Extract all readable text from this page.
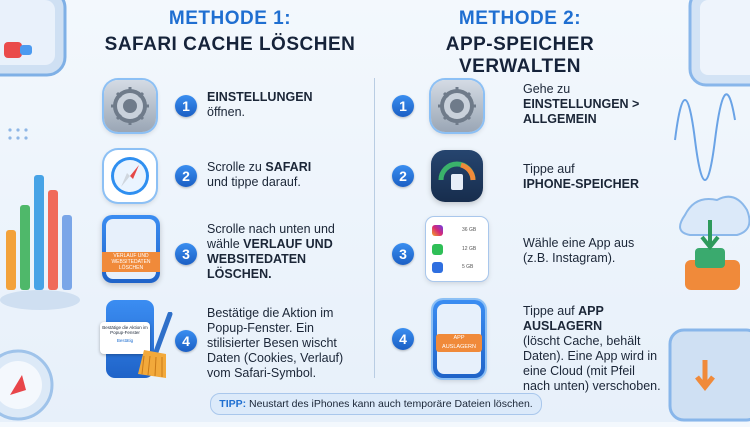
METHODE 1:
SAFARI CACHE LÖSCHEN
METHODE 2:
APP-SPEICHER VERWALTEN
1
EINSTELLUNGEN
öffnen.
2
Scrolle zu SAFARI
und tippe darauf.
VERLAUF UND WEBSITEDATEN LÖSCHEN
3
Scrolle nach unten und wähle VERLAUF UND WEBSITEDATEN LÖSCHEN.
Bestätige die Aktion im Popup-Fenster
Bestätig	4
Bestätige die Aktion im Popup-Fenster. Ein stilisierter Besen wischt Daten (Cookies, Verlauf) vom Safari-Symbol.
1
Gehe zu
EINSTELLUNGEN > ALLGEMEIN
2	Tippe auf
IPHONE-SPEICHER
36 GB
12 GB
5 GB
3
Wähle eine App aus (z.B. Instagram).
APP AUSLAGERN
4
Tippe auf APP AUSLAGERN
(löscht Cache, behält Daten). Eine App wird in eine Cloud (mit Pfeil nach unten) verschoben.
TIPP: Neustart des iPhones kann auch temporäre Dateien löschen.
